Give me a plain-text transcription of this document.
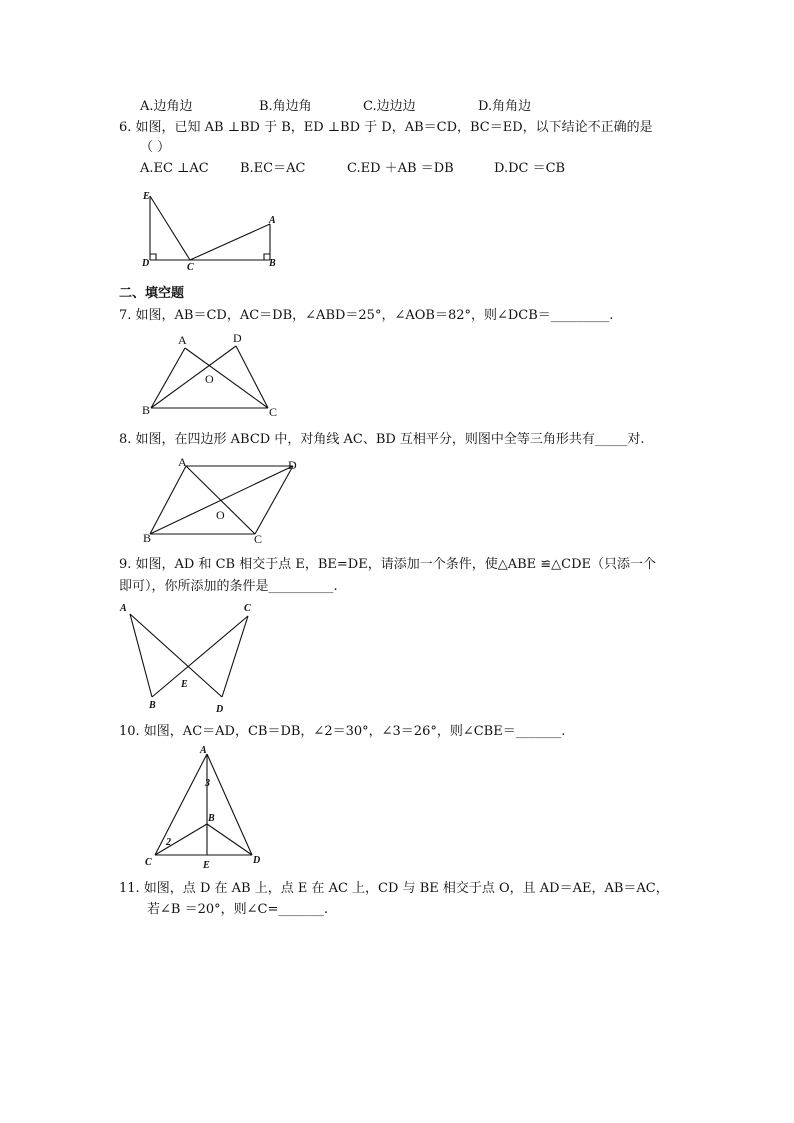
A.边角边	B.角边角	C.边边边	D.角角边
6. 如图，已知 AB ⊥BD 于 B，ED ⊥BD 于 D，AB＝CD，BC＝ED，以下结论不正确的是
（ ）
A.EC ⊥AC B.EC＝AC	C.ED ＋AB ＝DB	D.DC ＝CB
E
A
D	C	B
二、填空题
7. 如图，AB＝CD，AC＝DB，∠ABD＝25°，∠AOB＝82°，则∠DCB＝_________.
A	D
O
B	C
8. 如图，在四边形 ABCD 中，对角线 AC、BD 互相平分，则图中全等三角形共有_____对.
A	D
O
B	C
9. 如图，AD 和 CB 相交于点 E，BE=DE，请添加一个条件，使△ABE ≌△CDE（只添一个
即可），你所添加的条件是__________.
A	C
E
B	D
10. 如图，AC＝AD，CB＝DB，∠2＝30°，∠3＝26°，则∠CBE＝_______.
A
3
B
2
C	E	D
11. 如图，点 D 在 AB 上，点 E 在 AC 上，CD 与 BE 相交于点 O，且 AD＝AE，AB＝AC，
若∠B ＝20°，则∠C=_______.
